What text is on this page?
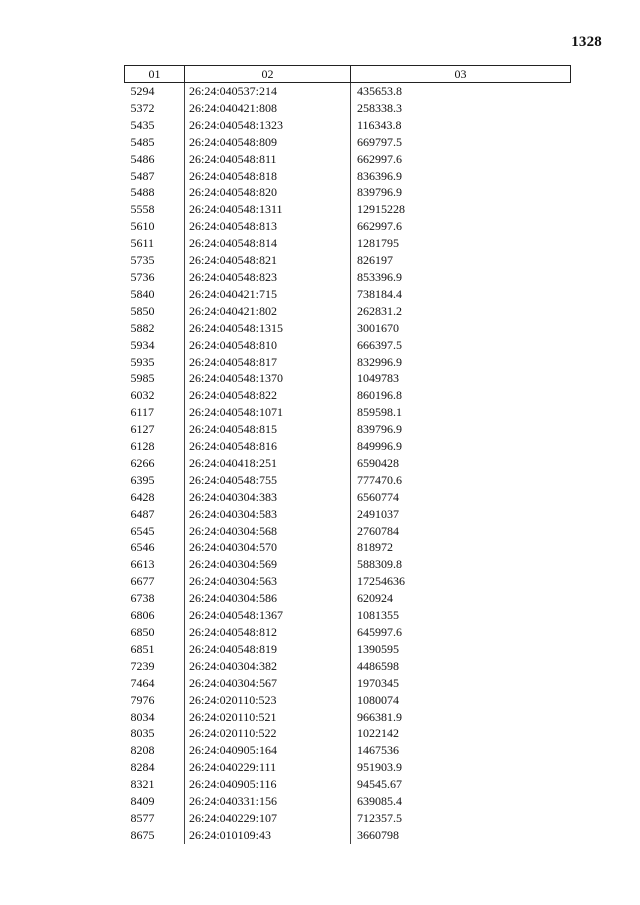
1328
01	02	03
5294	26:24:040537:214	435653.8
5372	26:24:040421:808	258338.3
5435	26:24:040548:1323	116343.8
5485	26:24:040548:809	669797.5
5486	26:24:040548:811	662997.6
5487	26:24:040548:818	836396.9
5488	26:24:040548:820	839796.9
5558	26:24:040548:1311	12915228
5610	26:24:040548:813	662997.6
5611	26:24:040548:814	1281795
5735	26:24:040548:821	826197
5736	26:24:040548:823	853396.9
5840	26:24:040421:715	738184.4
5850	26:24:040421:802	262831.2
5882	26:24:040548:1315	3001670
5934	26:24:040548:810	666397.5
5935	26:24:040548:817	832996.9
5985	26:24:040548:1370	1049783
6032	26:24:040548:822	860196.8
6117	26:24:040548:1071	859598.1
6127	26:24:040548:815	839796.9
6128	26:24:040548:816	849996.9
6266	26:24:040418:251	6590428
6395	26:24:040548:755	777470.6
6428	26:24:040304:383	6560774
6487	26:24:040304:583	2491037
6545	26:24:040304:568	2760784
6546	26:24:040304:570	818972
6613	26:24:040304:569	588309.8
6677	26:24:040304:563	17254636
6738	26:24:040304:586	620924
6806	26:24:040548:1367	1081355
6850	26:24:040548:812	645997.6
6851	26:24:040548:819	1390595
7239	26:24:040304:382	4486598
7464	26:24:040304:567	1970345
7976	26:24:020110:523	1080074
8034	26:24:020110:521	966381.9
8035	26:24:020110:522	1022142
8208	26:24:040905:164	1467536
8284	26:24:040229:111	951903.9
8321	26:24:040905:116	94545.67
8409	26:24:040331:156	639085.4
8577	26:24:040229:107	712357.5
8675	26:24:010109:43	3660798
